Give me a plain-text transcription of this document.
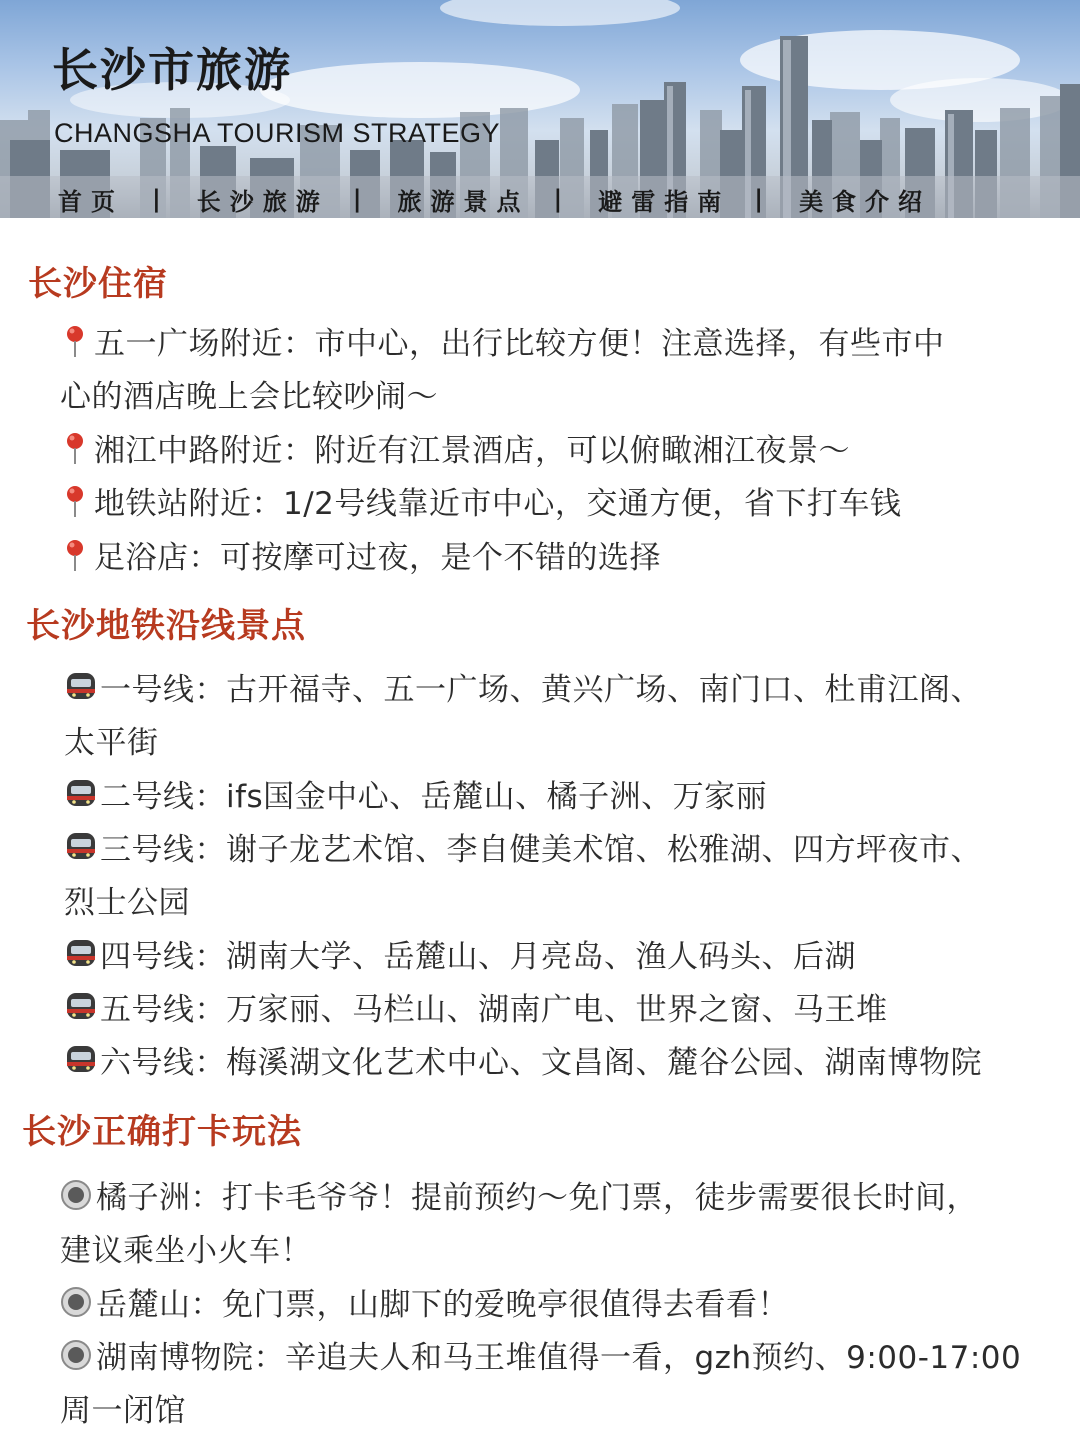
长沙市旅游
CHANGSHA TOURISM STRATEGY
首页 | 长沙旅游 | 旅游景点 | 避雷指南 | 美食介绍
长沙住宿
五一广场附近：市中心，出行比较方便！注意选择，有些市中
心的酒店晚上会比较吵闹～
湘江中路附近：附近有江景酒店，可以俯瞰湘江夜景～
地铁站附近：1/2号线靠近市中心，交通方便，省下打车钱
足浴店：可按摩可过夜，是个不错的选择
长沙地铁沿线景点
一号线：古开福寺、五一广场、黄兴广场、南门口、杜甫江阁、
太平街
二号线：ifs国金中心、岳麓山、橘子洲、万家丽
三号线：谢子龙艺术馆、李自健美术馆、松雅湖、四方坪夜市、
烈士公园
四号线：湖南大学、岳麓山、月亮岛、渔人码头、后湖
五号线：万家丽、马栏山、湖南广电、世界之窗、马王堆
六号线：梅溪湖文化艺术中心、文昌阁、麓谷公园、湖南博物院
长沙正确打卡玩法
橘子洲：打卡毛爷爷！提前预约～免门票，徒步需要很长时间，
建议乘坐小火车！
岳麓山：免门票，山脚下的爱晚亭很值得去看看！
湖南博物院：辛追夫人和马王堆值得一看，gzh预约、9:00-17:00
周一闭馆
